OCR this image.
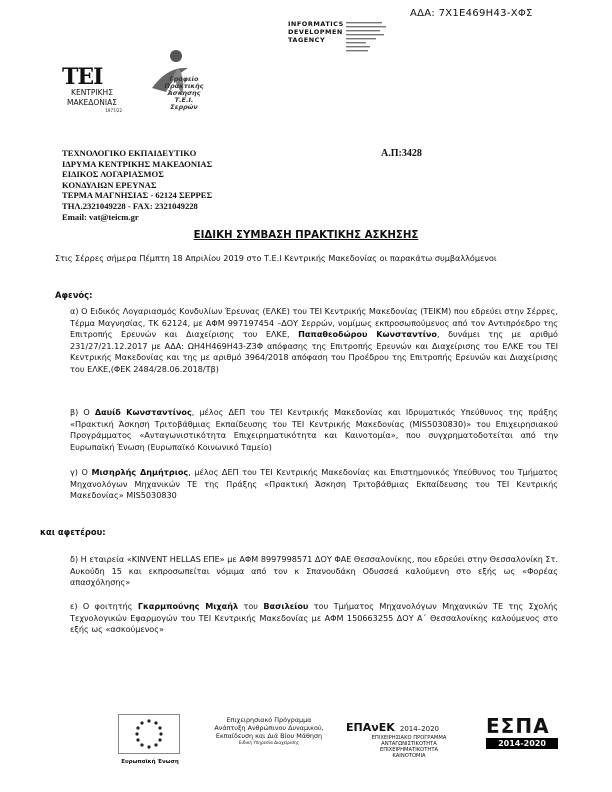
ΑΔΑ: 7Χ1Ε469Η43-ΧΦΣ
INFORMATICS
DEVELOPMEN
TAGENCY
ΤΕΙ
ΚΕΝΤΡΙΚΗΣ
ΜΑΚΕΔΟΝΙΑΣ
1977/22
Γραφείο
Πρακτικής
Άσκησης
Τ.Ε.Ι. Σερρών
ΤΕΧΝΟΛΟΓΙΚΟ ΕΚΠΑΙΔΕΥΤΙΚΟ
ΙΔΡΥΜΑ ΚΕΝΤΡΙΚΗΣ ΜΑΚΕΔΟΝΙΑΣ
ΕΙΔΙΚΟΣ ΛΟΓΑΡΙΑΣΜΟΣ
ΚΟΝΔΥΛΙΩΝ ΕΡΕΥΝΑΣ
ΤΕΡΜΑ ΜΑΓΝΗΣΙΑΣ - 62124 ΣΕΡΡΕΣ
ΤΗΛ.2321049228 - FAX: 2321049228
Email: vat@teicm.gr
Α.Π:3428
ΕΙΔΙΚΗ ΣΥΜΒΑΣΗ ΠΡΑΚΤΙΚΗΣ ΑΣΚΗΣΗΣ
Στις Σέρρες σήμερα Πέμπτη 18 Απριλίου 2019 στο Τ.Ε.Ι Κεντρικής Μακεδονίας οι παρακάτω συμβαλλόμενοι
Αφενός:
α) Ο Ειδικός Λογαριασμός Κονδυλίων Έρευνας (ΕΛΚΕ) του ΤΕΙ Κεντρικής Μακεδονίας (ΤΕΙΚΜ) που εδρεύει στην Σέρρες, Τέρμα Μαγνησίας, ΤΚ 62124, με ΑΦΜ 997197454 –ΔΟΥ Σερρών, νομίμως εκπροσωπούμενος από τον Αντιπρόεδρο της Επιτροπής Ερευνών και Διαχείρισης του ΕΛΚΕ, Παπαθεοδώρου Κωνσταντίνο, δυνάμει της με αριθμό 231/27/21.12.2017 με ΑΔΑ: ΩΗ4Η469Η43-Ζ3Φ απόφασης της Επιτροπής Ερευνών και Διαχείρισης του ΕΛΚΕ του ΤΕΙ Κεντρικής Μακεδονίας και της με αριθμό 3964/2018 απόφαση του Προέδρου της Επιτροπής Ερευνών και Διαχείρισης του ΕΛΚΕ,(ΦΕΚ 2484/28.06.2018/Τβ)
β) Ο Δαυίδ Κωνσταντίνος, μέλος ΔΕΠ του ΤΕΙ Κεντρικής Μακεδονίας και Ιδρυματικός Υπεύθυνος της πράξης «Πρακτική Άσκηση Τριτοβάθμιας Εκπαίδευσης του ΤΕΙ Κεντρικής Μακεδονίας (MIS5030830)» του Επιχειρησιακού Προγράμματος «Ανταγωνιστικότητα Επιχειρηματικότητα και Καινοτομία», που συγχρηματοδοτείται από την Ευρωπαϊκή Ένωση (Ευρωπαϊκό Κοινωνικό Ταμείο)
γ) Ο Μισηρλής Δημήτριος, μέλος ΔΕΠ του ΤΕΙ Κεντρικής Μακεδονίας και Επιστημονικός Υπεύθυνος του Τμήματος Μηχανολόγων Μηχανικών ΤΕ της Πράξης «Πρακτική Άσκηση Τριτοβάθμιας Εκπαίδευσης του ΤΕΙ Κεντρικής Μακεδονίας» MIS5030830
και αφετέρου:
δ) Η εταιρεία «KINVENT HELLAS ΕΠΕ» με ΑΦΜ 8997998571 ΔΟΥ ΦΑΕ Θεσσαλονίκης, που εδρεύει στην Θεσσαλονίκη Στ. Αυκούδη 15 και εκπροσωπείται νόμιμα από τον κ Σπανουδάκη Οδυσσεά καλούμενη στο εξής ως «Φορέας απασχόλησης»
ε) Ο φοιτητής Γκαρμπούνης Μιχαήλ του Βασιλείου του Τμήματος Μηχανολόγων Μηχανικών ΤΕ της Σχολής Τεχνολογικών Εφαρμογών του ΤΕΙ Κεντρικής Μακεδονίας με ΑΦΜ 150663255 ΔΟΥ Α΄ Θεσσαλονίκης καλούμενος στο εξής ως «ασκούμενος»
Ευρωπαϊκή Ένωση
Επιχειρησιακό Πρόγραμμα
Ανάπτυξη Ανθρώπινου Δυναμικού,
Εκπαίδευση και Διά Βίου Μάθηση
Ειδική Υπηρεσία Διαχείρισης
ΕΠΑνΕΚ 2014–2020
ΕΠΙΧΕΙΡΗΣΙΑΚΟ ΠΡΟΓΡΑΜΜΑ
ΑΝΤΑΓΩΝΙΣΤΙΚΟΤΗΤΑ
ΕΠΙΧΕΙΡΗΜΑΤΙΚΟΤΗΤΑ
ΚΑΙΝΟΤΟΜΙΑ
ΕΣΠΑ
2014-2020
